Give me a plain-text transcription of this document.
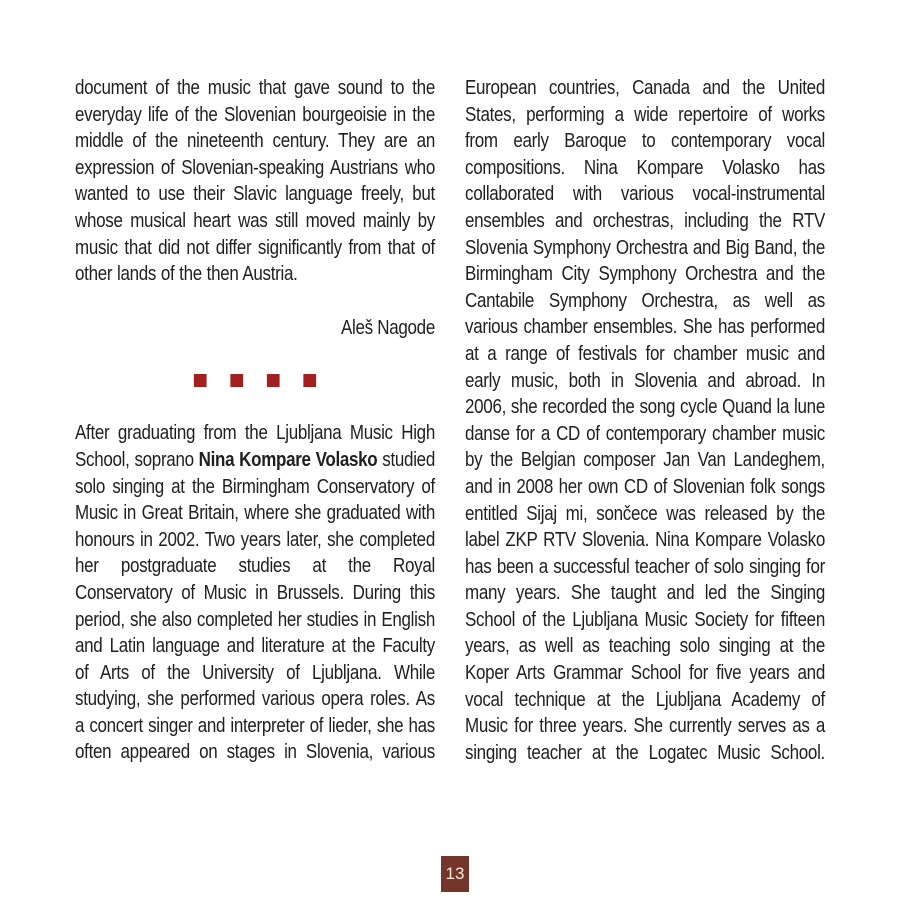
document of the music that gave sound to the everyday life of the Slovenian bourgeoisie in the middle of the nineteenth century. They are an expression of Slovenian-speaking Austrians who wanted to use their Slavic language freely, but whose musical heart was still moved mainly by music that did not differ significantly from that of other lands of the then Austria.

Aleš Nagode

After graduating from the Ljubljana Music High School, soprano Nina Kompare Volasko studied solo singing at the Birmingham Conservatory of Music in Great Britain, where she graduated with honours in 2002. Two years later, she completed her postgraduate studies at the Royal Conservatory of Music in Brussels. During this period, she also completed her studies in English and Latin language and literature at the Faculty of Arts of the University of Ljubljana. While studying, she performed various opera roles. As a concert singer and interpreter of lieder, she has often appeared on stages in Slovenia, various

European countries, Canada and the United States, performing a wide repertoire of works from early Baroque to contemporary vocal compositions. Nina Kompare Volasko has collaborated with various vocal-instrumental ensembles and orchestras, including the RTV Slovenia Symphony Orchestra and Big Band, the Birmingham City Symphony Orchestra and the Cantabile Symphony Orchestra, as well as various chamber ensembles. She has performed at a range of festivals for chamber music and early music, both in Slovenia and abroad. In 2006, she recorded the song cycle Quand la lune danse for a CD of contemporary chamber music by the Belgian composer Jan Van Landeghem, and in 2008 her own CD of Slovenian folk songs entitled Sijaj mi, sončece was released by the label ZKP RTV Slovenia. Nina Kompare Volasko has been a successful teacher of solo singing for many years. She taught and led the Singing School of the Ljubljana Music Society for fifteen years, as well as teaching solo singing at the Koper Arts Grammar School for five years and vocal technique at the Ljubljana Academy of Music for three years. She currently serves as a singing teacher at the Logatec Music School.

13
